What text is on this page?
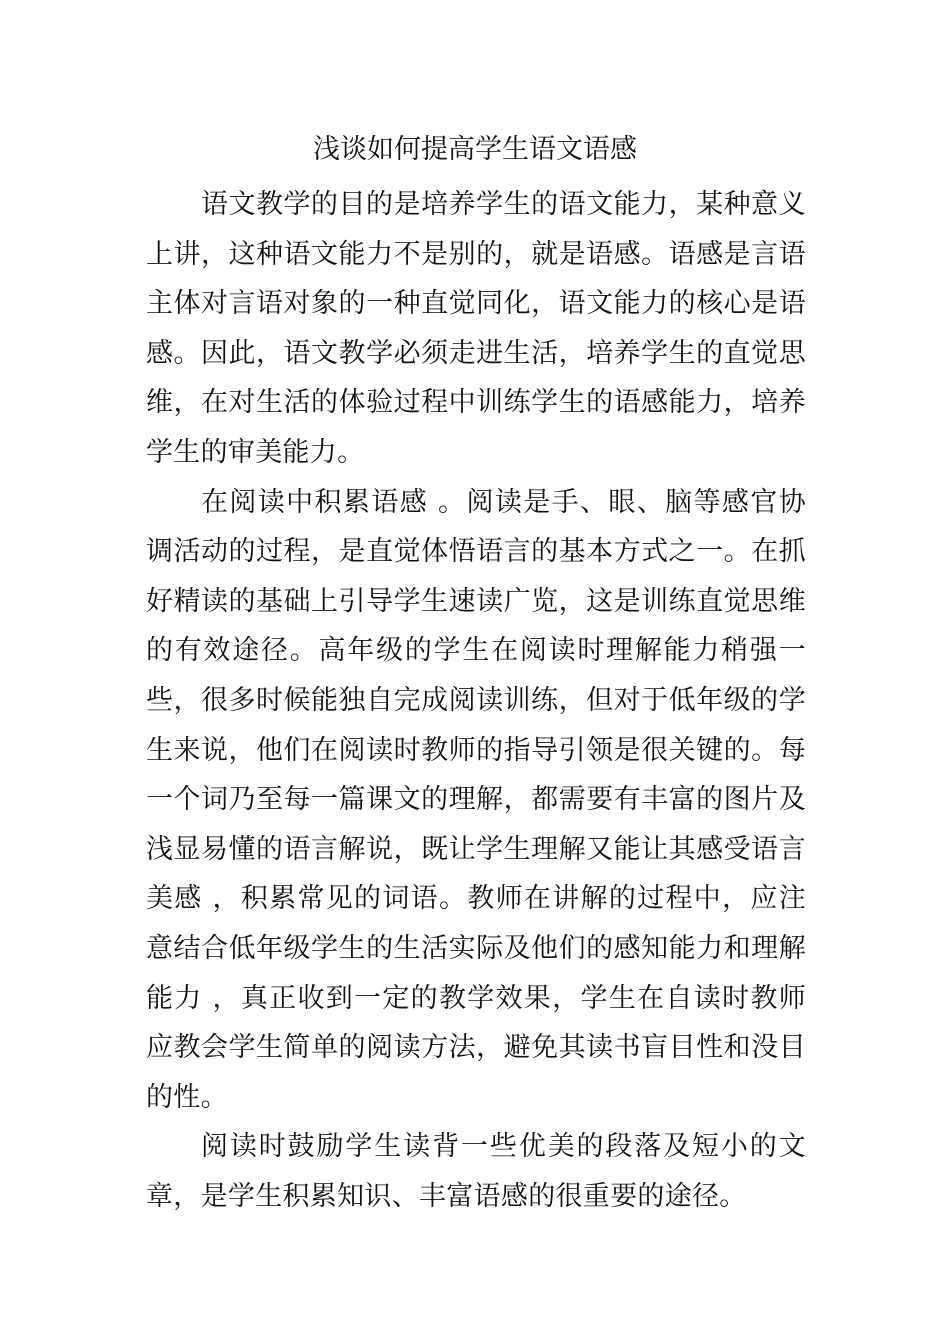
浅谈如何提高学生语文语感

语文教学的目的是培养学生的语文能力，某种意义上讲，这种语文能力不是别的，就是语感。语感是言语主体对言语对象的一种直觉同化，语文能力的核心是语感。因此，语文教学必须走进生活，培养学生的直觉思维，在对生活的体验过程中训练学生的语感能力，培养学生的审美能力。

在阅读中积累语感 。阅读是手、眼、脑等感官协调活动的过程，是直觉体悟语言的基本方式之一。在抓好精读的基础上引导学生速读广览，这是训练直觉思维的有效途径。高年级的学生在阅读时理解能力稍强一些，很多时候能独自完成阅读训练，但对于低年级的学生来说，他们在阅读时教师的指导引领是很关键的。每一个词乃至每一篇课文的理解，都需要有丰富的图片及浅显易懂的语言解说，既让学生理解又能让其感受语言美感 ，积累常见的词语。教师在讲解的过程中，应注意结合低年级学生的生活实际及他们的感知能力和理解能力 ，真正收到一定的教学效果，学生在自读时教师应教会学生简单的阅读方法，避免其读书盲目性和没目的性。

阅读时鼓励学生读背一些优美的段落及短小的文章，是学生积累知识、丰富语感的很重要的途径。
